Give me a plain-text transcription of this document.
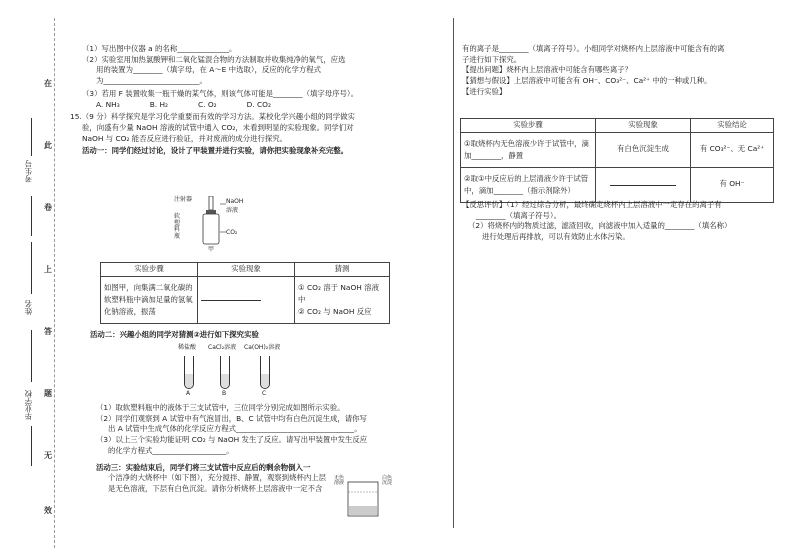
在
此
卷
上
答
题
无
效
考生号
姓名
毕业学校
（1）写出图中仪器 a 的名称______________。
（2）实验室用加热氯酸钾和二氧化锰混合物的方法制取并收集纯净的氧气，应选
用的装置为________（填字母，在 A～E 中选取），反应的化学方程式
为__________________________。
（3）若用 F 装置收集一瓶干燥的某气体，则该气体可能是________（填字母序号）。
A. NH₃	B. H₂	C. O₂	D. CO₂
15.（9 分）科学探究是学习化学重要而有效的学习方法。某校化学兴趣小组的同学做实
验，向盛有少量 NaOH 溶液的试管中通入 CO₂，未看到明显的实验现象。同学们对
NaOH 与 CO₂ 能否反应进行验证，并对废液的成分进行探究。
活动一：同学们经过讨论，设计了甲装置并进行实验，请你把实验现象补充完整。
注射器
软塑料瓶
NaOH
溶液
CO₂
甲
实验步骤	实验现象	猜测
如图甲，向集满二氧化碳的软塑料瓶中滴加足量的氢氧化钠溶液，振荡		① CO₂ 溶于 NaOH 溶液中
② CO₂ 与 NaOH 反应
活动二：兴趣小组的同学对猜测②进行如下探究实验
稀盐酸 CaCl₂溶液 Ca(OH)₂溶液
A	B	C
（1）取软塑料瓶中的液体于三支试管中，三位同学分别完成如图所示实验。
（2）同学们观察到 A 试管中有气泡冒出，B、C 试管中均有白色沉淀生成，请你写
出 A 试管中生成气体的化学反应方程式________________________________。
（3）以上三个实验均能证明 CO₂ 与 NaOH 发生了反应。请写出甲装置中发生反应
的化学方程式____________________。
活动三：实验结束后，同学们将三支试管中反应后的剩余物倒入一
个洁净的大烧杯中（如下图），充分搅拌、静置，观察到烧杯内上层
是无色溶液，下层有白色沉淀。请你分析烧杯上层溶液中一定不含
无色溶液
白色沉淀
有的离子是________（填离子符号）。小组同学对烧杯内上层溶液中可能含有的离
子进行如下探究。
【提出问题】烧杯内上层溶液中可能含有哪些离子？
【猜想与假设】上层溶液中可能含有 OH⁻、CO₃²⁻、Ca²⁺ 中的一种或几种。
【进行实验】
实验步骤	实验现象	实验结论
①取烧杯内无色溶液少许于试管中，滴加________，静置	有白色沉淀生成	有 CO₃²⁻、无 Ca²⁺
②取①中反应后的上层清液少许于试管中，滴加________（指示剂除外）		有 OH⁻
【反思评价】（1）经过综合分析，最终确定烧杯内上层溶液中一定存在的离子有
________（填离子符号）。
（2）将烧杯内的物质过滤，滤渣回收，向滤液中加入适量的________（填名称）
进行处理后再排放，可以有效防止水体污染。
